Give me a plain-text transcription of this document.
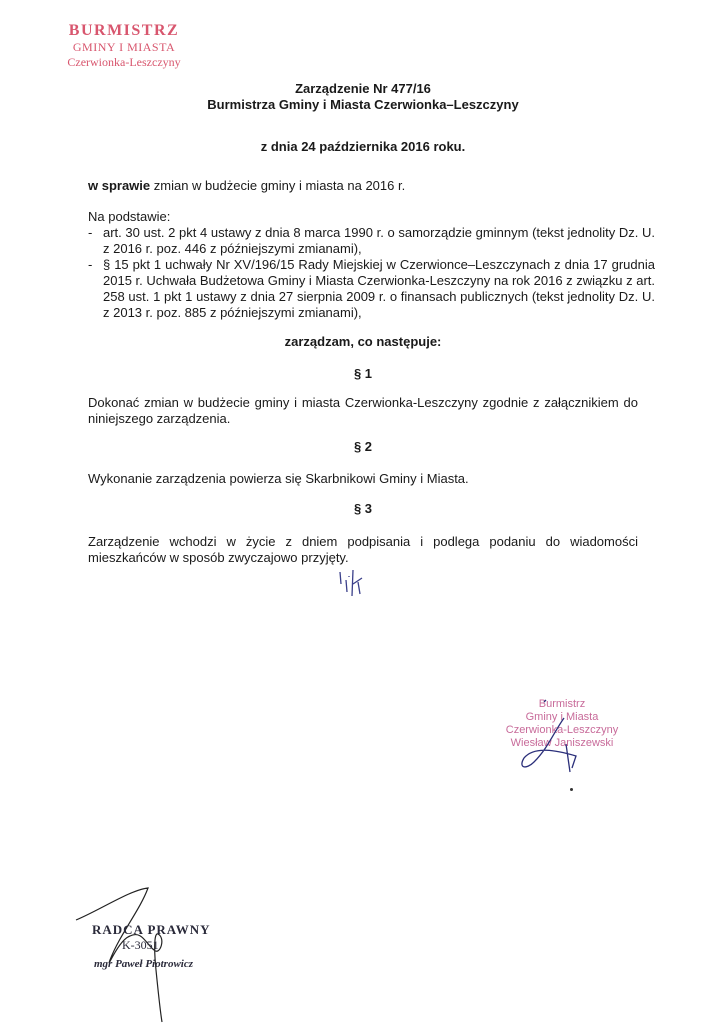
BURMISTRZ
GMINY I MIASTA
Czerwionka-Leszczyny
Zarządzenie Nr 477/16
Burmistrza Gminy i Miasta Czerwionka–Leszczyny
z dnia 24 października 2016 roku.
w sprawie zmian w budżecie gminy i miasta na 2016 r.
Na podstawie:
- art. 30 ust. 2 pkt 4 ustawy z dnia 8 marca 1990 r. o samorządzie gminnym (tekst jednolity Dz. U. z 2016 r. poz. 446 z późniejszymi zmianami),
- § 15 pkt 1 uchwały Nr XV/196/15 Rady Miejskiej w Czerwionce–Leszczynach z dnia 17 grudnia 2015 r. Uchwała Budżetowa Gminy i Miasta Czerwionka-Leszczyny na rok 2016 z związku z art. 258 ust. 1 pkt 1 ustawy z dnia 27 sierpnia 2009 r. o finansach publicznych (tekst jednolity Dz. U. z 2013 r. poz. 885 z późniejszymi zmianami),
zarządzam, co następuje:
§ 1
Dokonać zmian w budżecie gminy i miasta Czerwionka-Leszczyny zgodnie z załącznikiem do niniejszego zarządzenia.
§ 2
Wykonanie zarządzenia powierza się Skarbnikowi Gminy i Miasta.
§ 3
Zarządzenie wchodzi w życie z dniem podpisania i podlega podaniu do wiadomości mieszkańców w sposób zwyczajowo przyjęty.
Burmistrz
Gminy i Miasta
Czerwionka-Leszczyny
Wiesław Janiszewski
RADCA PRAWNY
K-3051
mgr Paweł Piotrowicz
